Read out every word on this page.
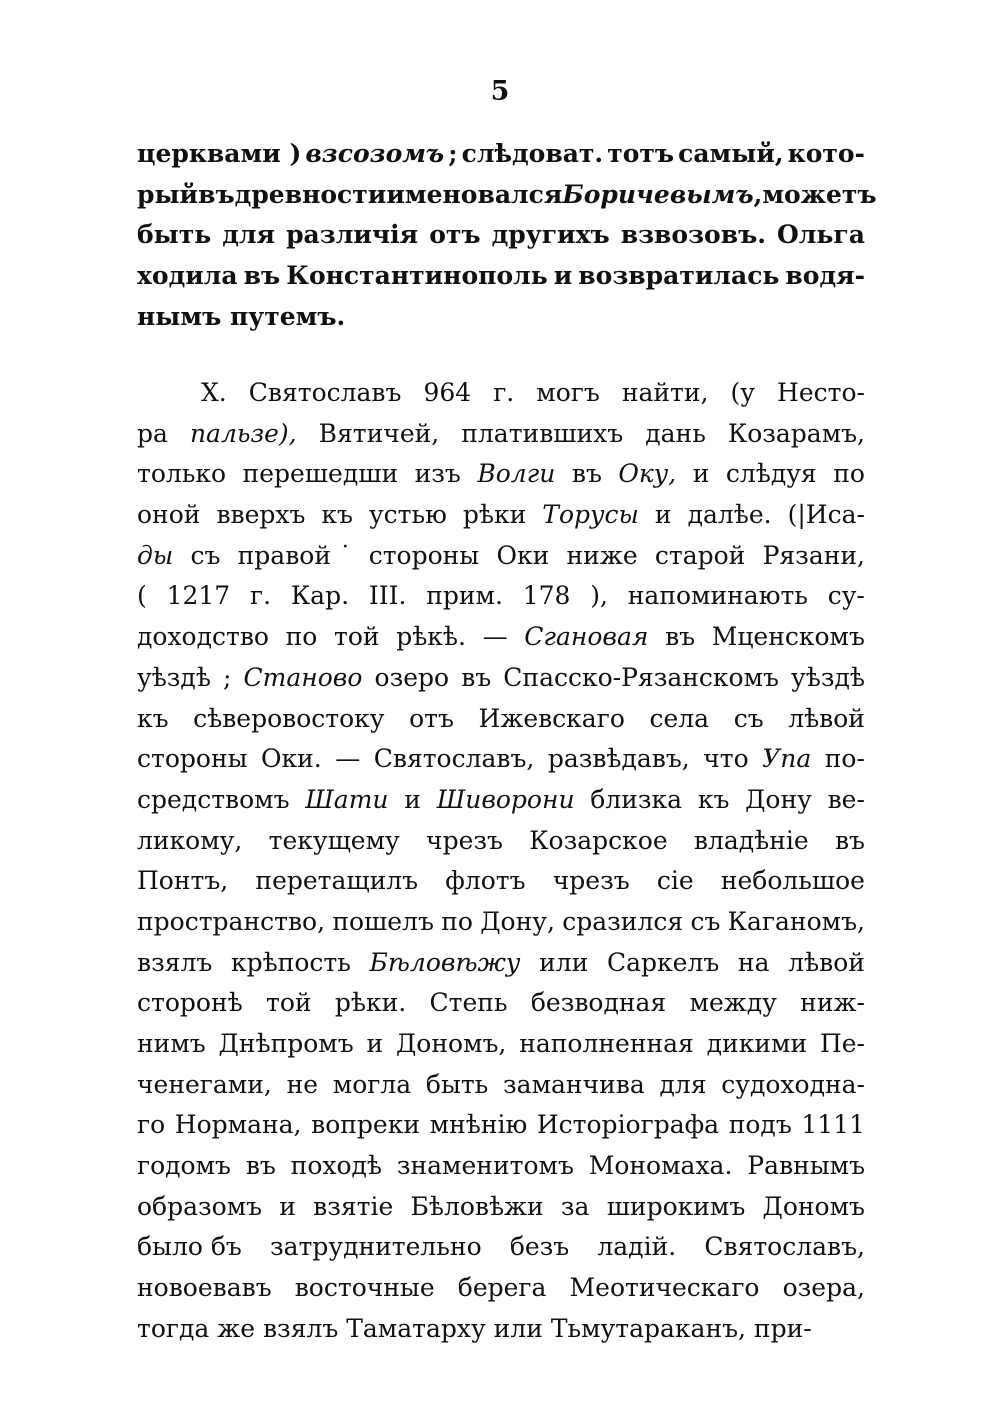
5
церквами ) взсозомъ ; слѣдоват. тотъ самый, кото-
рый въ древности именовался Боричевымъ , можетъ
быть для различія отъ другихъ взвозовъ. Ольга
ходила въ Константинополь и возвратилась водя-
нымъ путемъ.
X. Святославъ 964 г. могъ найти, (у Нестo-
ра пальзе), Вятичей, платившихъ дань Козарамъ,
только перешедши изъ Волги въ Оку, и слѣдуя по
оной вверхъ къ устью рѣки Торусы и далѣе. (|Иса-
ды съ правой ˙ стороны Оки ниже старой Рязани,
( 1217 г. Кар. III. прим. 178 ), напоминають су-
доходство по той рѣкѣ. — Сгановая въ Мценскомъ
уѣздѣ ; Станово озеро въ Спасско-Рязанскомъ уѣздѣ
къ сѣверовостоку отъ Ижевскаго села съ лѣвой
стороны Оки. — Святославъ, развѣдавъ, что Упа по-
средствомъ Шати и Шиворони близка къ Дону ве-
ликому, текущему чрезъ Козарское владѣніе въ
Понтъ, перетащилъ флотъ чрезъ сіе небольшое
пространство, пошелъ по Дону, сразился съ Каганомъ,
взялъ крѣпость Бѣловѣжу или Саркелъ на лѣвой
сторонѣ той рѣки. Степь безводная между ниж-
нимъ Днѣпромъ и Дономъ, наполненная дикими Пе-
ченегами, не могла быть заманчива для судоходна-
го Нормана, вопреки мнѣнію Исторіографа подъ 1111
годомъ въ походѣ знаменитомъ Мономаха. Равнымъ
образомъ и взятіе Бѣловѣжи за широкимъ Дономъ
было бъ затруднительно безъ ладій. Святославъ,
новоевавъ восточные берега Меотическаго озера,
тогда
же
взялъ
Таматарху
или
Тьмутараканъ,
при-
